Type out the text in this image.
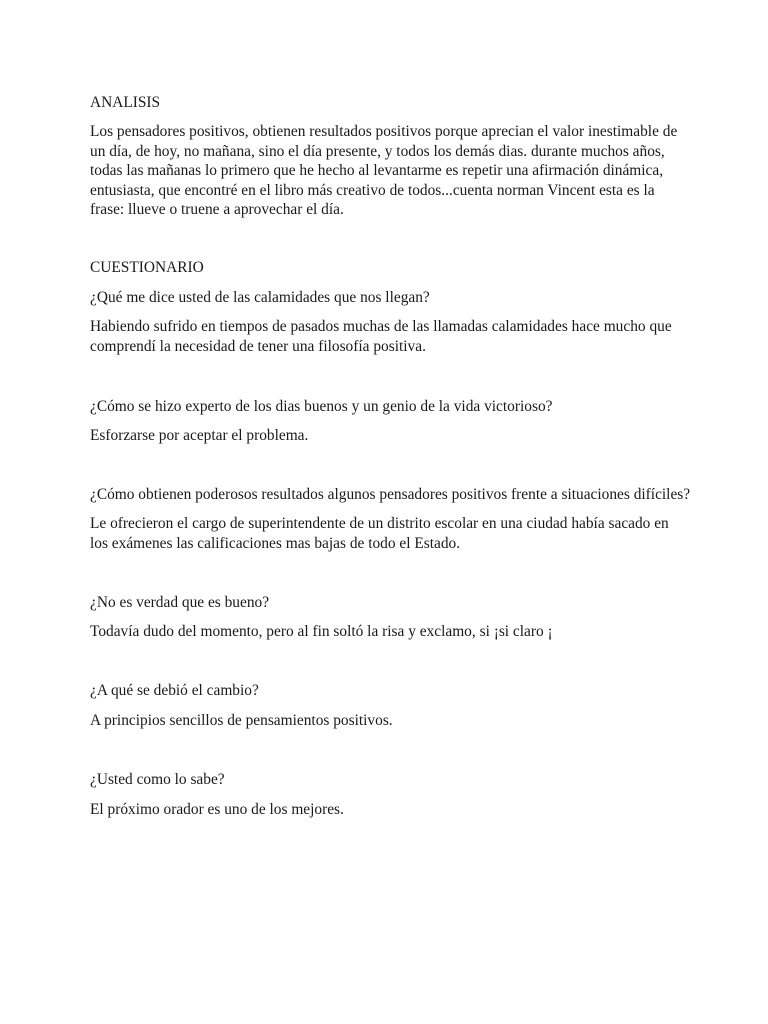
ANALISIS

Los pensadores positivos, obtienen resultados positivos porque aprecian el valor inestimable de un día, de hoy, no mañana, sino el día presente, y todos los demás dias. durante muchos años, todas las mañanas lo primero que he hecho al levantarme es repetir una afirmación dinámica, entusiasta, que encontré en el libro más creativo de todos...cuenta norman Vincent esta es la frase: llueve o truene a aprovechar el día.

CUESTIONARIO

¿Qué me dice usted de las calamidades que nos llegan?

Habiendo sufrido en tiempos de pasados muchas de las llamadas calamidades hace mucho que comprendí la necesidad de tener una filosofía positiva.

¿Cómo se hizo experto de los dias buenos y un genio de la vida victorioso?

Esforzarse por aceptar el problema.

¿Cómo obtienen poderosos resultados algunos pensadores positivos frente a situaciones difíciles?

Le ofrecieron el cargo de superintendente de un distrito escolar en una ciudad había sacado en los exámenes las calificaciones mas bajas de todo el Estado.

¿No es verdad que es bueno?

Todavía dudo del momento, pero al fin soltó la risa y exclamo, si ¡si claro ¡

¿A qué se debió el cambio?

A principios sencillos de pensamientos positivos.

¿Usted como lo sabe?

El próximo orador es uno de los mejores.
